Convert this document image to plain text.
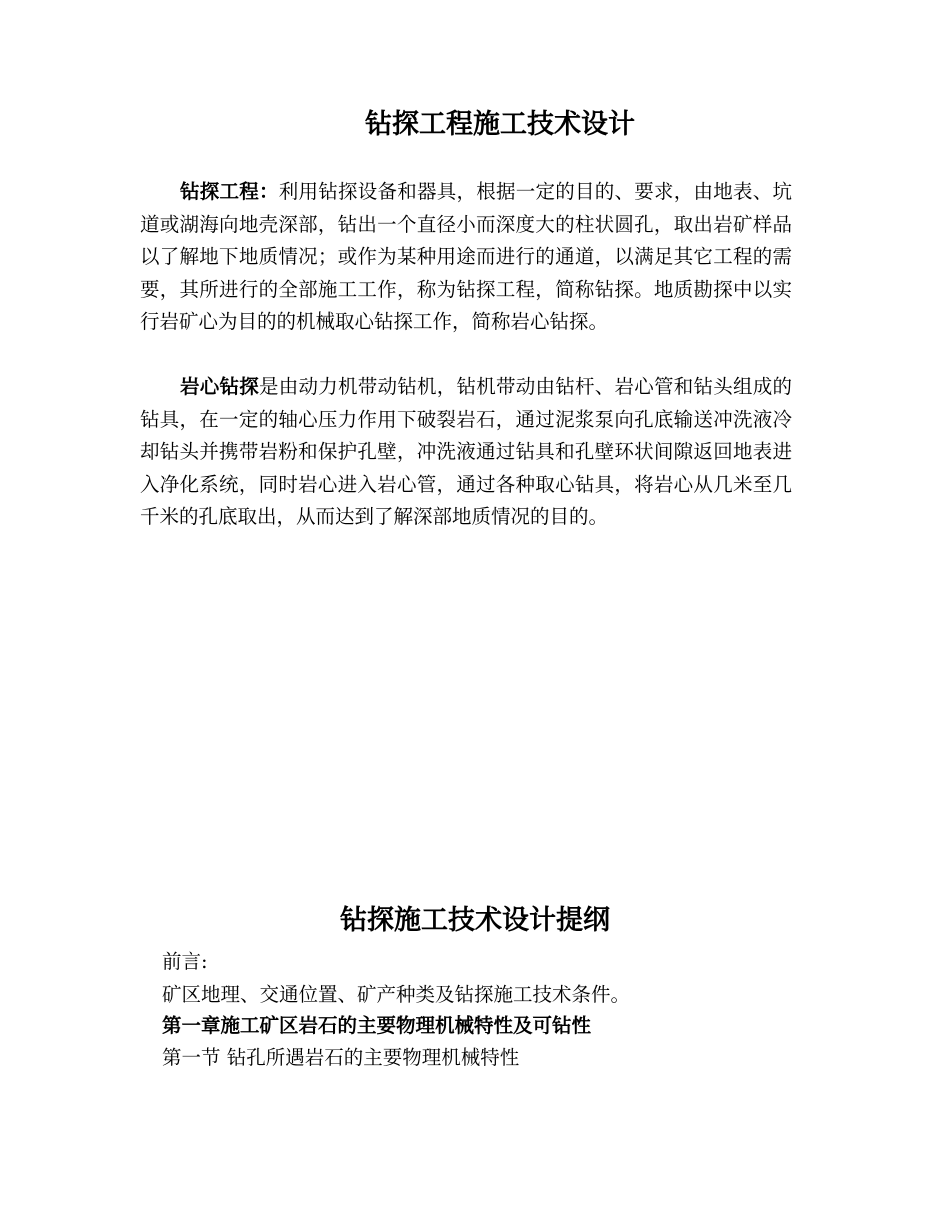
钻探工程施工技术设计

钻探工程：利用钻探设备和器具，根据一定的目的、要求，由地表、坑道或湖海向地壳深部，钻出一个直径小而深度大的柱状圆孔，取出岩矿样品以了解地下地质情况；或作为某种用途而进行的通道，以满足其它工程的需要，其所进行的全部施工工作，称为钻探工程，简称钻探。地质勘探中以实行岩矿心为目的的机械取心钻探工作，简称岩心钻探。

岩心钻探是由动力机带动钻机，钻机带动由钻杆、岩心管和钻头组成的钻具，在一定的轴心压力作用下破裂岩石，通过泥浆泵向孔底输送冲洗液冷却钻头并携带岩粉和保护孔壁，冲洗液通过钻具和孔壁环状间隙返回地表进入净化系统，同时岩心进入岩心管，通过各种取心钻具，将岩心从几米至几千米的孔底取出，从而达到了解深部地质情况的目的。

钻探施工技术设计提纲

前言:

矿区地理、交通位置、矿产种类及钻探施工技术条件。

第一章施工矿区岩石的主要物理机械特性及可钻性

第一节 钻孔所遇岩石的主要物理机械特性
